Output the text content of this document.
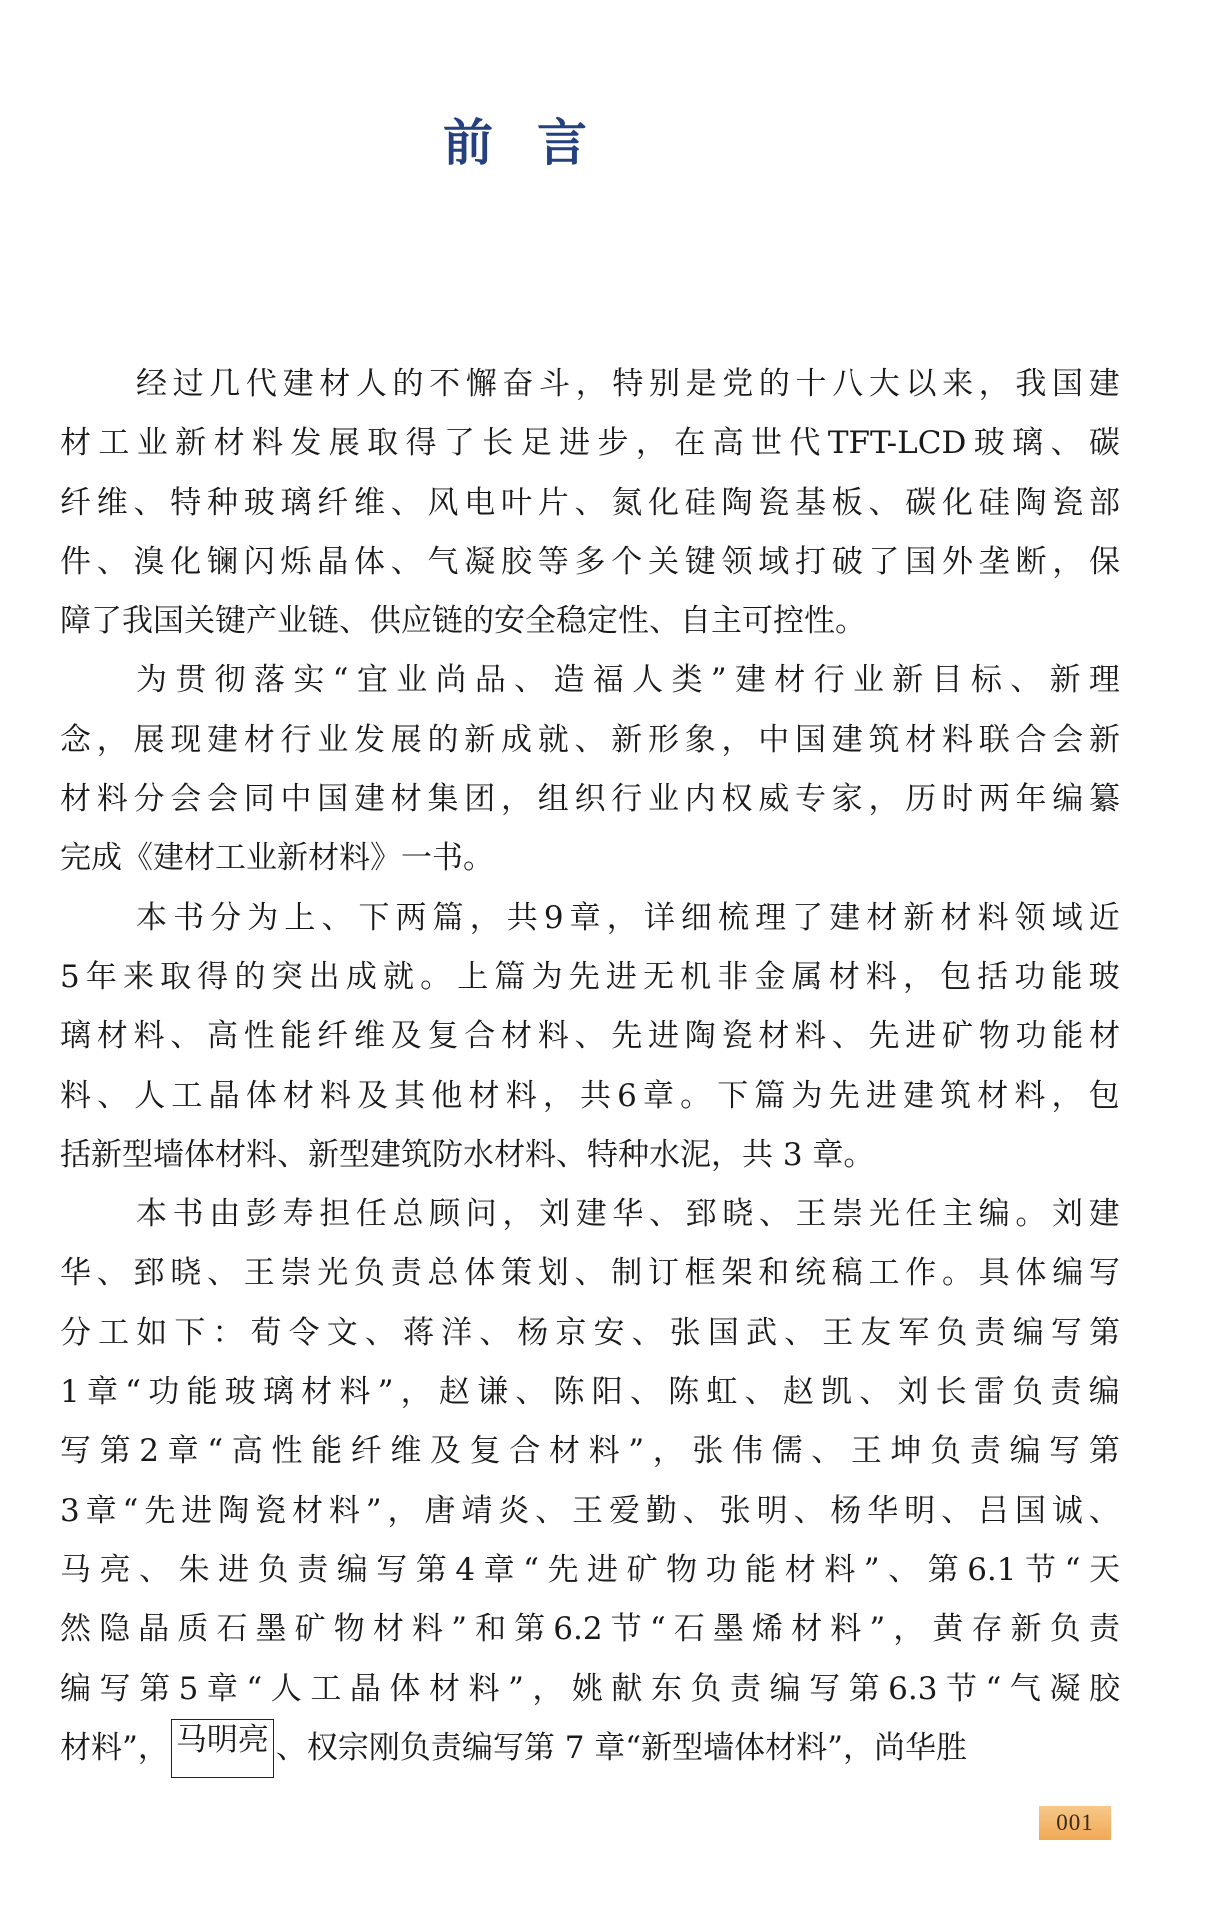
前言
经 过 几 代 建 材 人 的 不 懈 奋 斗 ， 特 别 是 党 的 十 八 大 以 来 ， 我 国 建
材 工 业 新 材 料 发 展 取 得 了 长 足 进 步 ， 在 高 世 代 TFT-LCD 玻 璃 、 碳
纤 维 、 特 种 玻 璃 纤 维 、 风 电 叶 片 、 氮 化 硅 陶 瓷 基 板 、 碳 化 硅 陶 瓷 部
件 、 溴 化 镧 闪 烁 晶 体 、 气 凝 胶 等 多 个 关 键 领 域 打 破 了 国 外 垄 断 ， 保
障了我国关键产业链、供应链的安全稳定性、自主可控性。
为 贯 彻 落 实 “ 宜 业 尚 品 、 造 福 人 类 ” 建 材 行 业 新 目 标 、 新 理
念 ， 展 现 建 材 行 业 发 展 的 新 成 就 、 新 形 象 ， 中 国 建 筑 材 料 联 合 会 新
材 料 分 会 会 同 中 国 建 材 集 团 ， 组 织 行 业 内 权 威 专 家 ， 历 时 两 年 编 纂
完成《建材工业新材料》一书。
本 书 分 为 上 、 下 两 篇 ， 共 9 章 ， 详 细 梳 理 了 建 材 新 材 料 领 域 近
5 年 来 取 得 的 突 出 成 就 。 上 篇 为 先 进 无 机 非 金 属 材 料 ， 包 括 功 能 玻
璃 材 料 、 高 性 能 纤 维 及 复 合 材 料 、 先 进 陶 瓷 材 料 、 先 进 矿 物 功 能 材
料 、 人 工 晶 体 材 料 及 其 他 材 料 ， 共 6 章 。 下 篇 为 先 进 建 筑 材 料 ， 包
括新型墙体材料、新型建筑防水材料、特种水泥，共 3 章。
本 书 由 彭 寿 担 任 总 顾 问 ， 刘 建 华 、 郅 晓 、 王 崇 光 任 主 编 。 刘 建
华 、 郅 晓 、 王 崇 光 负 责 总 体 策 划 、 制 订 框 架 和 统 稿 工 作 。 具 体 编 写
分 工 如 下 ： 荀 令 文 、 蒋 洋 、 杨 京 安 、 张 国 武 、 王 友 军 负 责 编 写 第
1 章 “ 功 能 玻 璃 材 料 ” ， 赵 谦 、 陈 阳 、 陈 虹 、 赵 凯 、 刘 长 雷 负 责 编
写 第 2 章 “ 高 性 能 纤 维 及 复 合 材 料 ” ， 张 伟 儒 、 王 坤 负 责 编 写 第
3 章 “ 先 进 陶 瓷 材 料 ” ， 唐 靖 炎 、 王 爱 勤 、 张 明 、 杨 华 明 、 吕 国 诚 、
马 亮 、 朱 进 负 责 编 写 第 4 章 “ 先 进 矿 物 功 能 材 料 ” 、 第 6.1 节 “ 天
然 隐 晶 质 石 墨 矿 物 材 料 ” 和 第 6.2 节 “ 石 墨 烯 材 料 ” ， 黄 存 新 负 责
编 写 第 5 章 “ 人 工 晶 体 材 料 ” ， 姚 献 东 负 责 编 写 第 6.3 节 “ 气 凝 胶
材料”， 马明亮 、权宗刚负责编写第 7 章“新型墙体材料”，尚华胜
001
